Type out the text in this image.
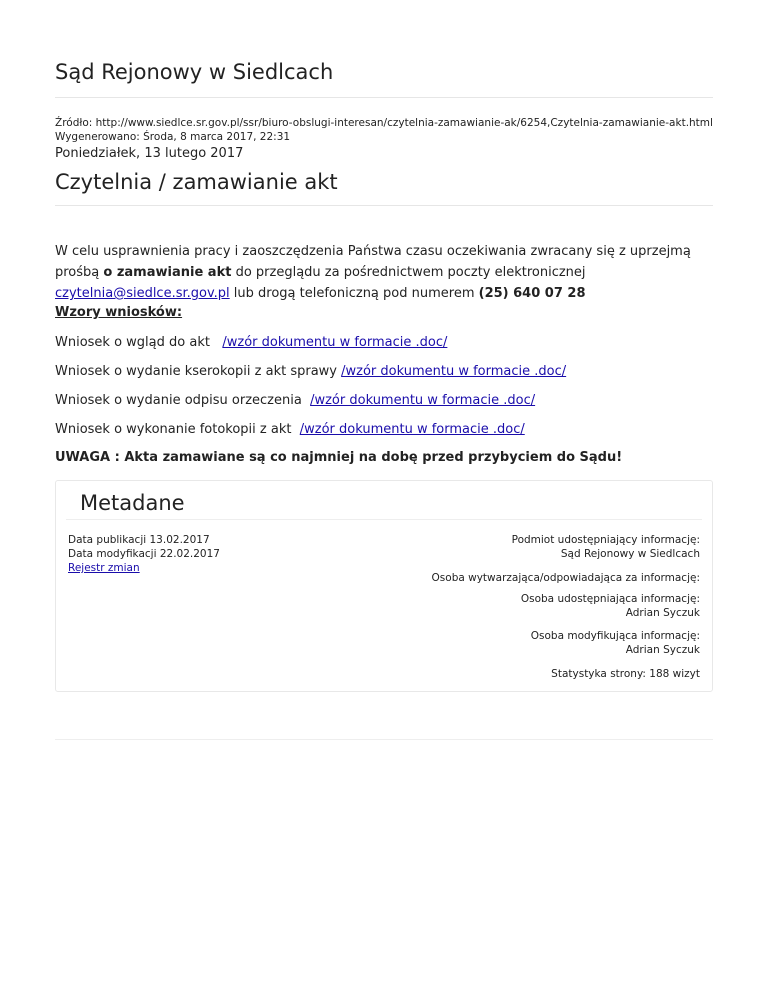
Sąd Rejonowy w Siedlcach
Źródło: http://www.siedlce.sr.gov.pl/ssr/biuro-obslugi-interesan/czytelnia-zamawianie-ak/6254,Czytelnia-zamawianie-akt.html
Wygenerowano: Środa, 8 marca 2017, 22:31
Poniedziałek, 13 lutego 2017
Czytelnia / zamawianie akt

W celu usprawnienia pracy i zaoszczędzenia Państwa czasu oczekiwania zwracany się z uprzejmą prośbą o zamawianie akt do przeglądu za pośrednictwem poczty elektronicznej czytelnia@siedlce.sr.gov.pl lub drogą telefoniczną pod numerem (25) 640 07 28

Wzory wniosków:
Wniosek o wgląd do akt   /wzór dokumentu w formacie .doc/
Wniosek o wydanie kserokopii z akt sprawy /wzór dokumentu w formacie .doc/
Wniosek o wydanie odpisu orzeczenia  /wzór dokumentu w formacie .doc/
Wniosek o wykonanie fotokopii z akt  /wzór dokumentu w formacie .doc/
UWAGA : Akta zamawiane są co najmniej na dobę przed przybyciem do Sądu!
Metadane
Data publikacji 13.02.2017
Data modyfikacji 22.02.2017
Rejestr zmian
Podmiot udostępniający informację:
Sąd Rejonowy w Siedlcach
Osoba wytwarzająca/odpowiadająca za informację:
Osoba udostępniająca informację:
Adrian Syczuk
Osoba modyfikująca informację:
Adrian Syczuk
Statystyka strony: 188 wizyt
